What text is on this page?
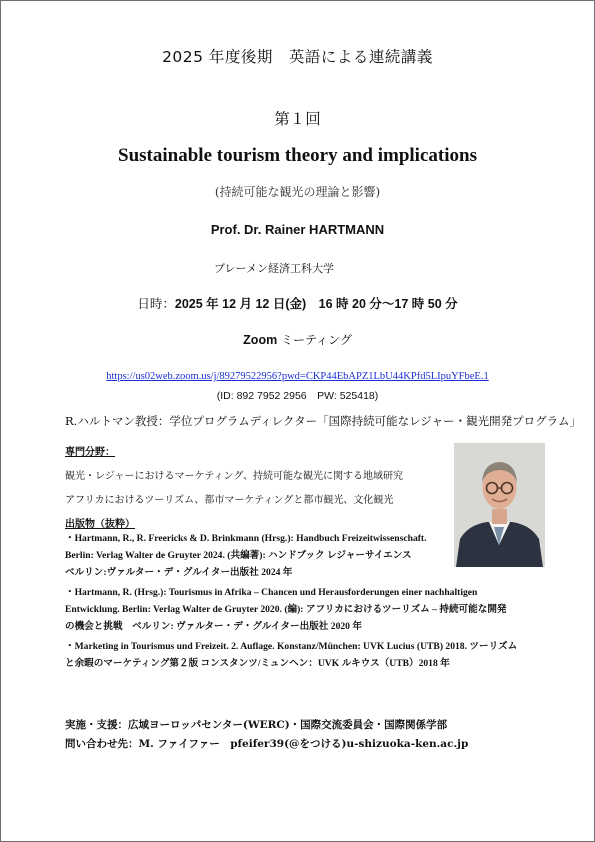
2025 年度後期　英語による連続講義
第１回
Sustainable tourism theory and implications
(持続可能な観光の理論と影響)
Prof. Dr. Rainer HARTMANN
ブレーメン経済工科大学
日時：2025 年 12 月 12 日(金)　16 時 20 分～17 時 50 分
Zoom ミーティング
https://us02web.zoom.us/j/89279522956?pwd=CKP44EbAPZ1LbU44KPfd5LIpuYFbeE.1
(ID: 892 7952 2956　PW: 525418)
R.ハルトマン教授：学位プログラムディレクター「国際持続可能なレジャー・観光開発プログラム」
専門分野：
観光・レジャーにおけるマーケティング、持続可能な観光に関する地域研究
アフリカにおけるツーリズム、都市マーケティングと都市観光、文化観光
出版物（抜粋）
・Hartmann, R., R. Freericks & D. Brinkmann (Hrsg.): Handbuch Freizeitwissenschaft.
Berlin: Verlag Walter de Gruyter 2024. (共編著): ハンドブック レジャーサイエンス
ベルリン:ヴァルター・デ・グルイター出版社 2024 年
・Hartmann, R. (Hrsg.): Tourismus in Afrika – Chancen und Herausforderungen einer nachhaltigen
Entwicklung. Berlin: Verlag Walter de Gruyter 2020. (編): アフリカにおけるツーリズム – 持続可能な開発
の機会と挑戦　ベルリン: ヴァルター・デ・グルイター出版社 2020 年
・Marketing in Tourismus und Freizeit. 2. Auflage. Konstanz/München: UVK Lucius (UTB) 2018. ツーリズム
と余暇のマーケティング第２版 コンスタンツ/ミュンヘン：UVK ルキウス（UTB）2018 年
実施・支援：広域ヨーロッパセンター(WERC)・国際交流委員会・国際関係学部
問い合わせ先：M. ファイファー　pfeifer39(@をつける)u-shizuoka-ken.ac.jp
